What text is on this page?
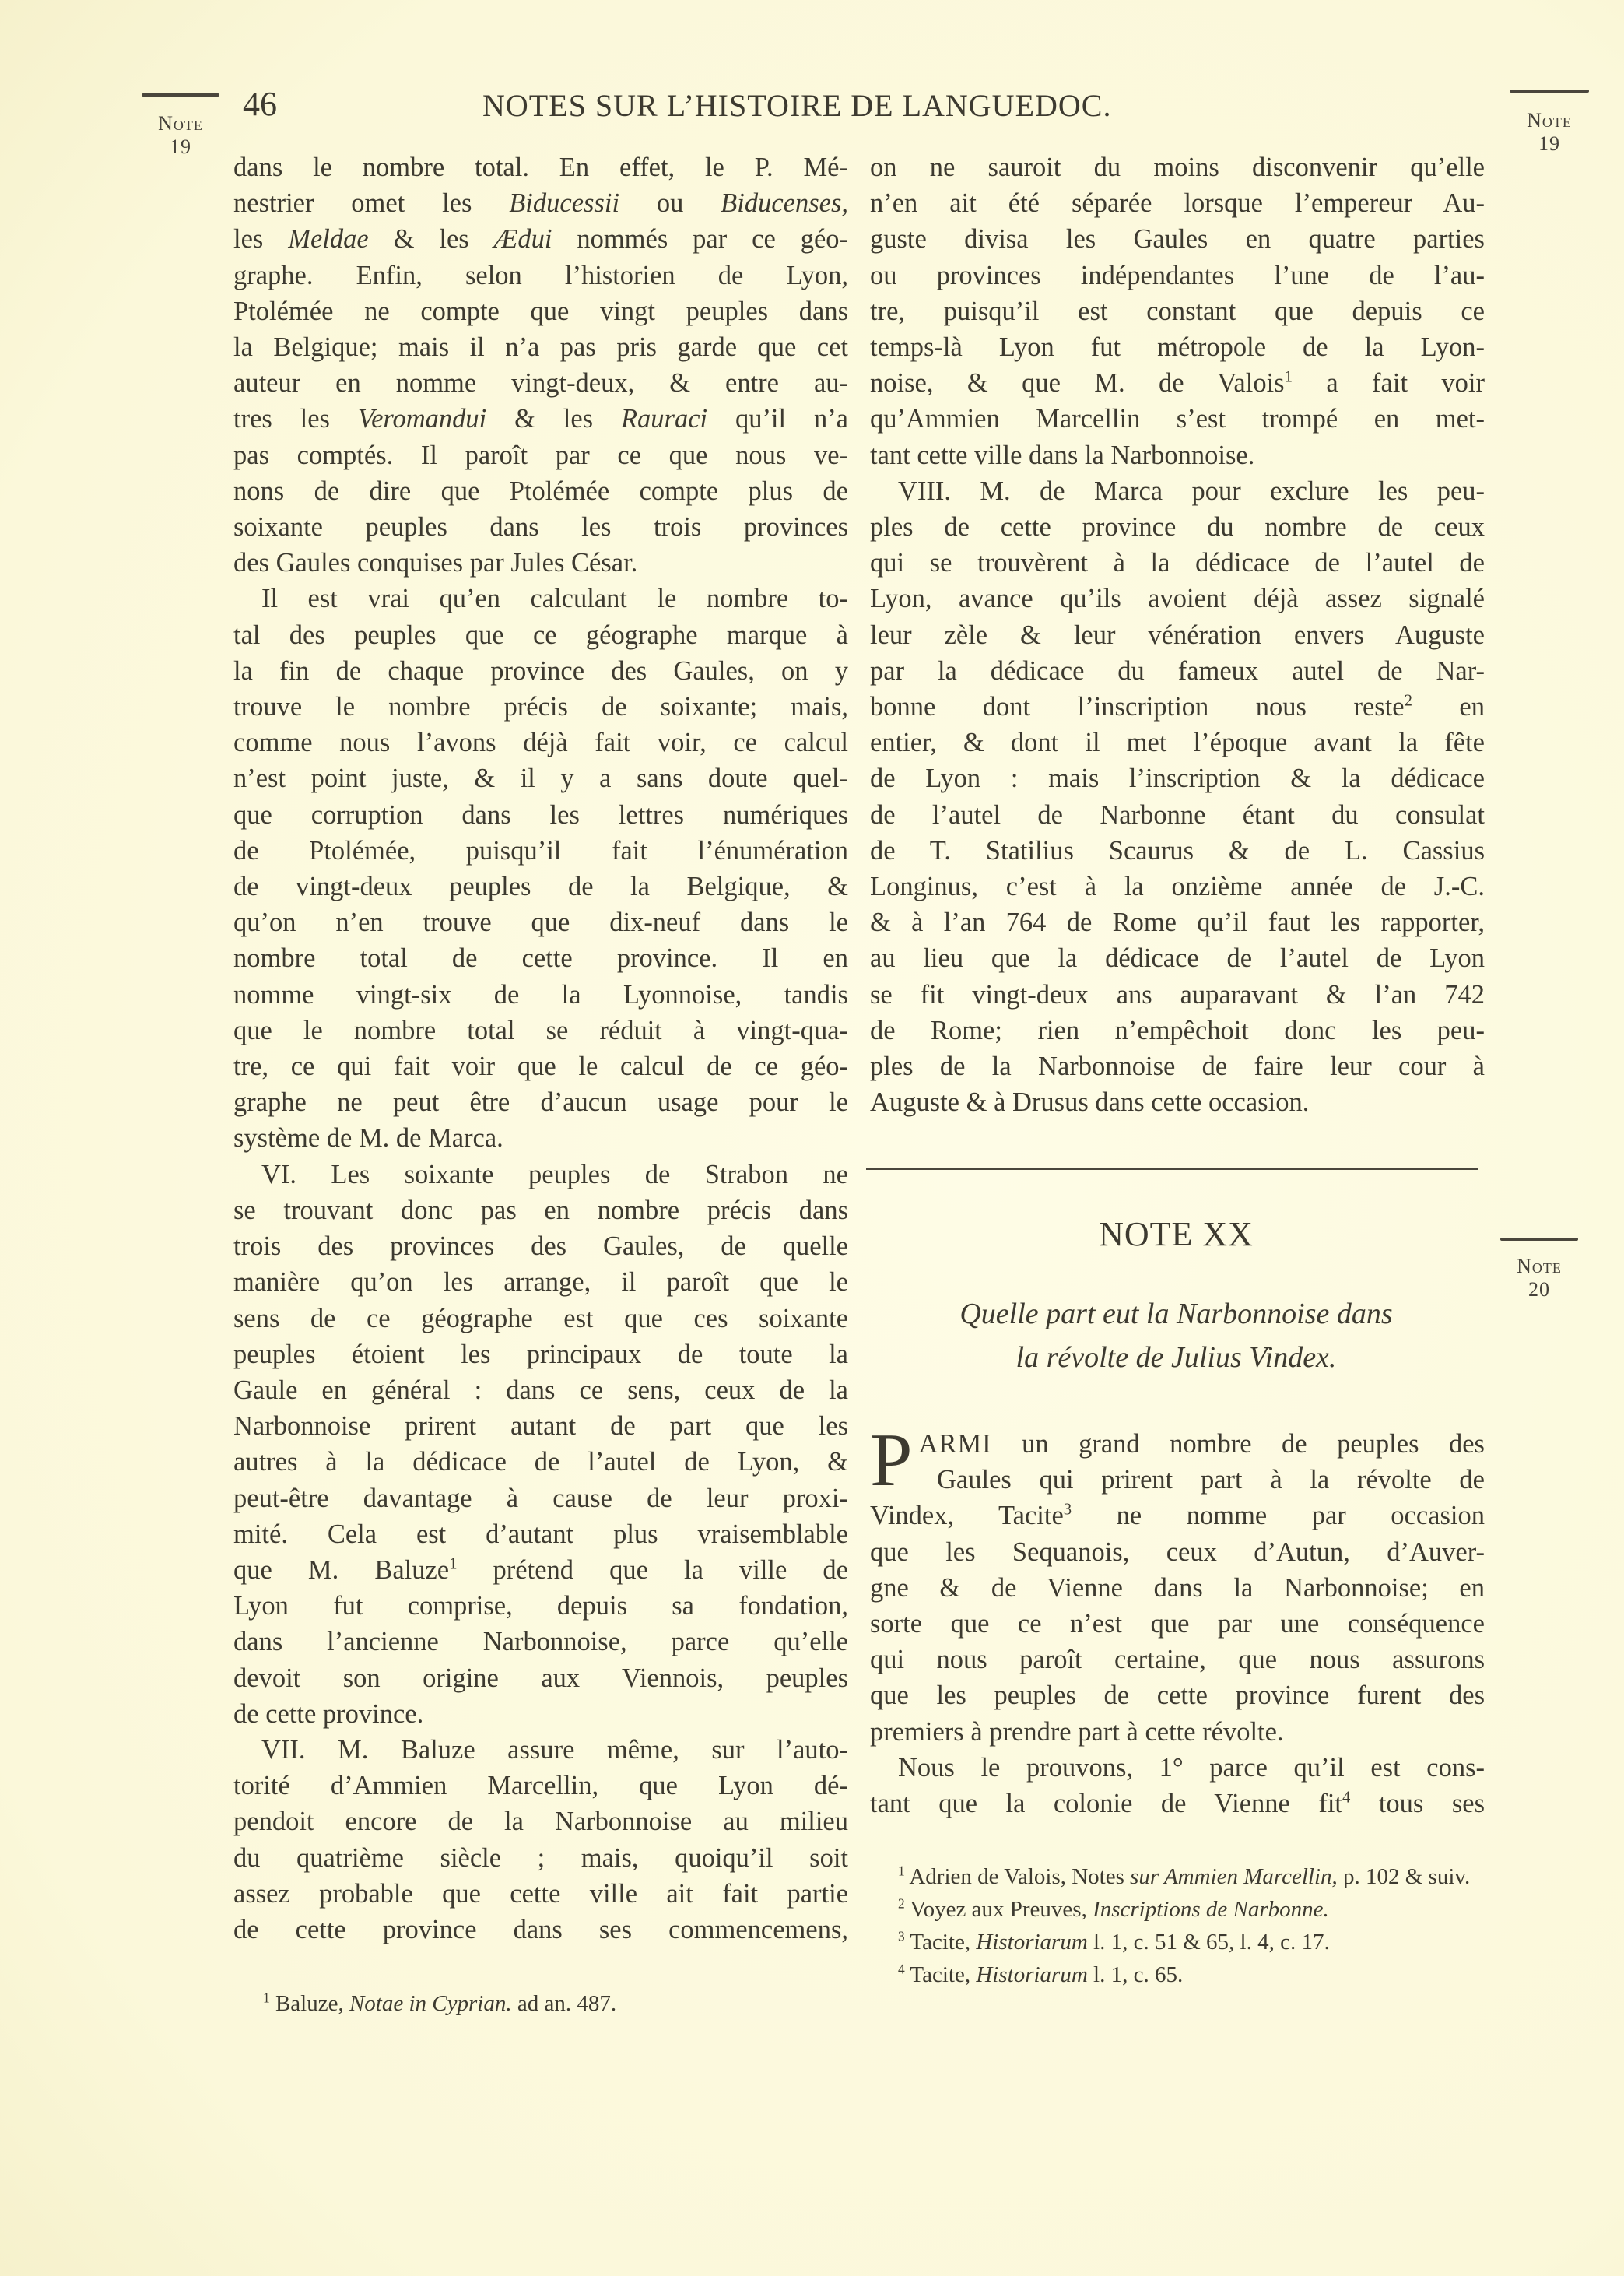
Note
19
46	NOTES SUR L’HISTOIRE DE LANGUEDOC.	Note
19

dans le nombre total. En effet, le P. Mé-
nestrier omet les Biducessii ou Biducenses,
les Meldae & les Ædui nommés par ce géo-
graphe. Enfin, selon l’historien de Lyon,
Ptolémée ne compte que vingt peuples dans
la Belgique; mais il n’a pas pris garde que cet
auteur en nomme vingt-deux, & entre au-
tres les Veromandui & les Rauraci qu’il n’a
pas comptés. Il paroît par ce que nous ve-
nons de dire que Ptolémée compte plus de
soixante peuples dans les trois provinces
des Gaules conquises par Jules César.

Il est vrai qu’en calculant le nombre to-
tal des peuples que ce géographe marque à
la fin de chaque province des Gaules, on y
trouve le nombre précis de soixante; mais,
comme nous l’avons déjà fait voir, ce calcul
n’est point juste, & il y a sans doute quel-
que corruption dans les lettres numériques
de Ptolémée, puisqu’il fait l’énumération
de vingt-deux peuples de la Belgique, &
qu’on n’en trouve que dix-neuf dans le
nombre total de cette province. Il en
nomme vingt-six de la Lyonnoise, tandis
que le nombre total se réduit à vingt-qua-
tre, ce qui fait voir que le calcul de ce géo-
graphe ne peut être d’aucun usage pour le
système de M. de Marca.

VI. Les soixante peuples de Strabon ne
se trouvant donc pas en nombre précis dans
trois des provinces des Gaules, de quelle
manière qu’on les arrange, il paroît que le
sens de ce géographe est que ces soixante
peuples étoient les principaux de toute la
Gaule en général : dans ce sens, ceux de la
Narbonnoise prirent autant de part que les
autres à la dédicace de l’autel de Lyon, &
peut-être davantage à cause de leur proxi-
mité. Cela est d’autant plus vraisemblable
que M. Baluze$^1$ prétend que la ville de
Lyon fut comprise, depuis sa fondation,
dans l’ancienne Narbonnoise, parce qu’elle
devoit son origine aux Viennois, peuples
de cette province.

VII. M. Baluze assure même, sur l’auto-
torité d’Ammien Marcellin, que Lyon dé-
pendoit encore de la Narbonnoise au milieu
du quatrième siècle ; mais, quoiqu’il soit
assez probable que cette ville ait fait partie
de cette province dans ses commencemens,

$^1$ Baluze, Notae in Cyprian. ad an. 487.

on ne sauroit du moins disconvenir qu’elle
n’en ait été séparée lorsque l’empereur Au-
guste divisa les Gaules en quatre parties
ou provinces indépendantes l’une de l’au-
tre, puisqu’il est constant que depuis ce
temps-là Lyon fut métropole de la Lyon-
noise, & que M. de Valois$^1$ a fait voir
qu’Ammien Marcellin s’est trompé en met-
tant cette ville dans la Narbonnoise.

VIII. M. de Marca pour exclure les peu-
ples de cette province du nombre de ceux
qui se trouvèrent à la dédicace de l’autel de
Lyon, avance qu’ils avoient déjà assez signalé
leur zèle & leur vénération envers Auguste
par la dédicace du fameux autel de Nar-
bonne dont l’inscription nous reste$^2$ en
entier, & dont il met l’époque avant la fête
de Lyon : mais l’inscription & la dédicace
de l’autel de Narbonne étant du consulat
de T. Statilius Scaurus & de L. Cassius
Longinus, c’est à la onzième année de J.-C.
& à l’an 764 de Rome qu’il faut les rapporter,
au lieu que la dédicace de l’autel de Lyon
se fit vingt-deux ans auparavant & l’an 742
de Rome; rien n’empêchoit donc les peu-
ples de la Narbonnoise de faire leur cour à
Auguste & à Drusus dans cette occasion.

NOTE XX
Note
20
Quelle part eut la Narbonnoise dans
la révolte de Julius Vindex.

P ARMI un grand nombre de peuples des
Gaules qui prirent part à la révolte de
Vindex, Tacite$^3$ ne nomme par occasion
que les Sequanois, ceux d’Autun, d’Auver-
gne & de Vienne dans la Narbonnoise; en
sorte que ce n’est que par une conséquence
qui nous paroît certaine, que nous assurons
que les peuples de cette province furent des
premiers à prendre part à cette révolte.

Nous le prouvons, 1° parce qu’il est cons-
tant que la colonie de Vienne fit$^4$ tous ses

$^1$ Adrien de Valois, Notes sur Ammien Marcellin, p. 102 & suiv.

$^2$ Voyez aux Preuves, Inscriptions de Narbonne.

$^3$ Tacite, Historiarum l. 1, c. 51 & 65, l. 4, c. 17.

$^4$ Tacite, Historiarum l. 1, c. 65.
